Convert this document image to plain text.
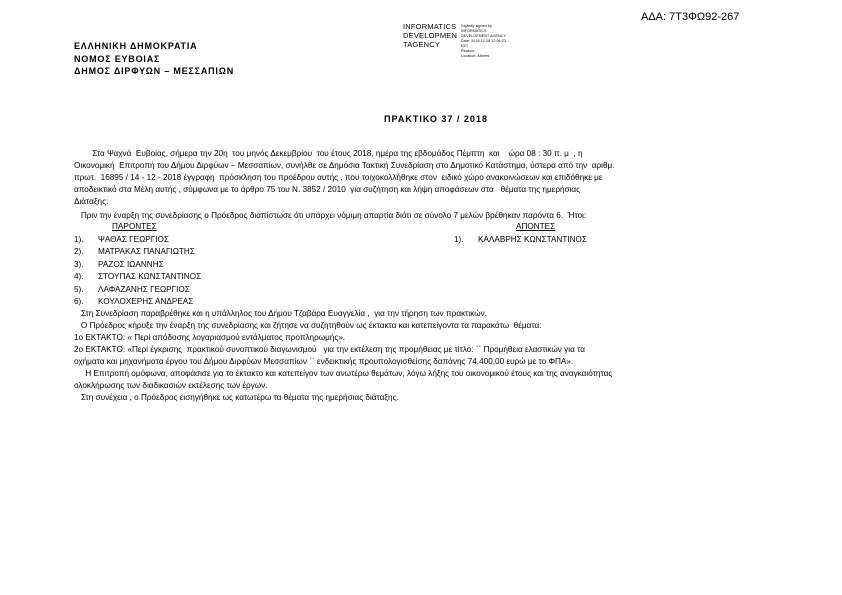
ΑΔΑ: 7Τ3ΦΩ92-267
INFORMATICS
DEVELOPMEN
TAGENCY
Digitally signed by
INFORMATICS
DEVELOPMENT AGENCY
Date: 2018.12.28 12:06:23
EET
Reason:
Location: Athens
ΕΛΛΗΝΙΚΗ ΔΗΜΟΚΡΑΤΙΑ
ΝΟΜΟΣ ΕΥΒΟΙΑΣ
ΔΗΜΟΣ ΔΙΡΦΥΩΝ – ΜΕΣΣΑΠΙΩΝ
ΠΡΑΚΤΙΚΟ 37 / 2018
Στα Ψαχνά  Ευβοίας, σήμερα την 20η  του μηνός Δεκεμβρίου  του έτους 2018, ημέρα της εβδομάδος Πέμπτη  και    ώρα 08 : 30 π. μ  , η
Οικονομική  Επιτροπή του Δήμου Διρφύων – Μεσσαπίων, συνήλθε σε Δημόσια Τακτική Συνεδρίαση στο Δημοτικό Κατάστημα, ύστερα από την  αριθμ.
πρωτ.  16895 / 14 - 12 - 2018 έγγραφη  πρόσκληση του προέδρου αυτής , που τοιχοκολλήθηκε στον  ειδικό χώρο ανακοινώσεων και επιδόθηκε με
αποδεικτικό στα Μέλη αυτής , σύμφωνα με το άρθρο 75 του Ν. 3852 / 2010  για συζήτηση και λήψη αποφάσεων στα   θέματα της ημερήσιας
Διάταξης:
Πριν την έναρξη της συνεδρίασης ο Πρόεδρος διαπίστωσε ότι υπάρχει νόμιμη απαρτία διότι σε σύνολο 7 μελών βρέθηκαν παρόντα 6.  Ήτοι:
ΠΑΡΟΝΤΕΣ	ΑΠΟΝΤΕΣ
1). ΨΑΘΑΣ ΓΕΩΡΓΙΟΣ
2). ΜΑΤΡΑΚΑΣ ΠΑΝΑΓΙΩΤΗΣ
3). ΡΑΖΟΣ ΙΩΑΝΝΗΣ
4). ΣΤΟΥΠΑΣ ΚΩΝΣΤΑΝΤΙΝΟΣ
5). ΛΑΦΑΖΑΝΗΣ ΓΕΩΡΓΙΟΣ
6). ΚΟΥΛΟΧΕΡΗΣ ΑΝΔΡΕΑΣ
1). ΚΑΛΑΒΡΗΣ ΚΩΝΣΤΑΝΤΙΝΟΣ
Στη Συνεδρίαση παραβρέθηκε και η υπάλληλος του Δήμου Τζαβάρα Ευαγγελία ,  για την τήρηση των πρακτικών.
Ο Πρόεδρος κήρυξε την έναρξη της συνεδρίασης και ζήτησε να συζητηθούν ως έκτακτα και κατεπείγοντα τα παρακάτω  θέματα:
1ο ΕΚΤΑΚΤΟ: « Περί απόδοσης λογαριασμού εντάλματος προπληρωμής».
2ο ΕΚΤΑΚΤΟ: «Περί έγκρισης  πρακτικού συνοπτικού διαγωνισμού   για την εκτέλεση της προμήθειας με τίτλο: ΄΄ Προμήθεια ελαστικών για τα
οχήματα και μηχανήματα έργου του Δήμου Διρφύων Μεσσαπίων ΄΄ ενδεικτικής προυπολογισθείσης δαπάνης 74.400,00 ευρώ με το ΦΠΑ».
Η Επιτροπή ομόφωνα, αποφάσισε για το έκτακτο και κατεπείγον των ανωτέρω θεμάτων, λόγω λήξης του οικονομικού έτους και της αναγκαιότητας
ολοκλήρωσης των διαδικασιών εκτέλεσης των έργων.
Στη συνέχεια , ο Πρόεδρος εισηγήθηκε ως κατωτέρω τα θέματα της ημερήσιας διάταξης.
